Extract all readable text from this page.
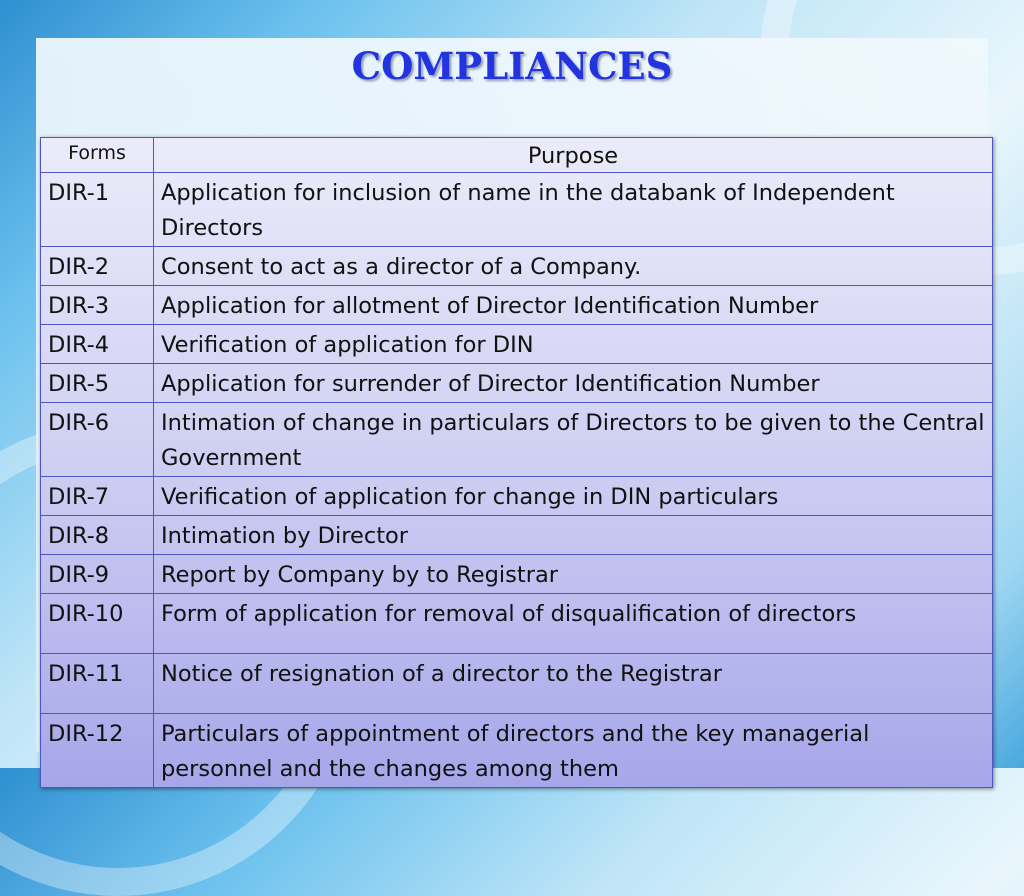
COMPLIANCES
Forms	Purpose
DIR-1	Application for inclusion of name in the databank of Independent Directors
DIR-2	Consent to act as a director of a Company.
DIR-3	Application for allotment of Director Identification Number
DIR-4	Verification of application for DIN
DIR-5	Application for surrender of Director Identification Number
DIR-6	Intimation of change in particulars of Directors to be given to the Central Government
DIR-7	Verification of application for change in DIN particulars
DIR-8	Intimation by Director
DIR-9	Report by Company by to Registrar
DIR-10	Form of application for removal of disqualification of directors
DIR-11	Notice of resignation of a director to the Registrar
DIR-12	Particulars of appointment of directors and the key managerial personnel and the changes among them
